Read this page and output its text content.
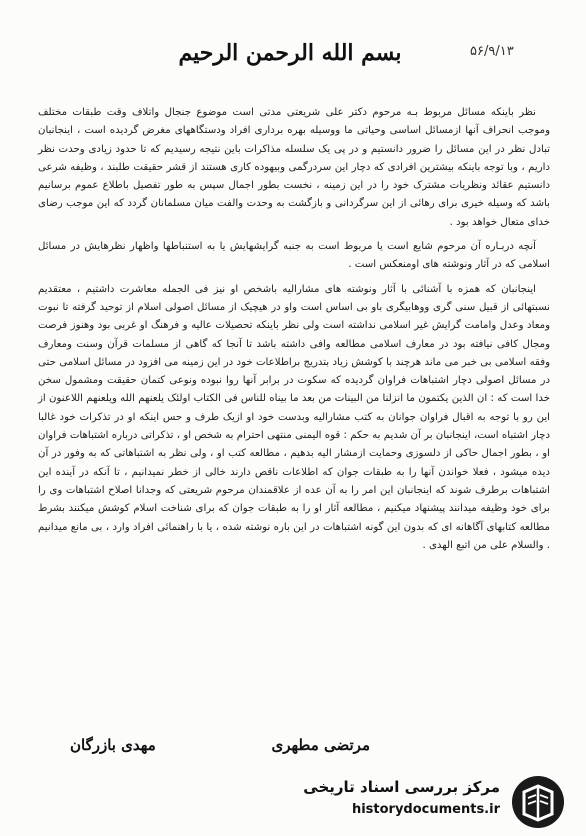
۵۶/۹/۱۳
بسم الله الرحمن الرحیم

نظر باینکه مسائل مربوط بـه مرحوم دکتر علی شریعتی مدتی است موضوع جنجال واتلاف وقت طبقات مختلف وموجب انحراف آنها ازمسائل اساسی وحیاتی ما ووسیله بهره برداری افراد ودستگاههای مغرض گردیده است ، اینجانبان تبادل نظر در این مسائل را ضرور دانستیم و در پی یک سلسله مذاکرات باین نتیجه رسیدیم که تا حدود زیادی وحدت نظر داریم ، وبا توجه باینکه بیشترین افرادی که دچار این سردرگمی وبیهوده کاری هستند از قشر حقیقت طلبند ، وظیفه شرعی دانستیم عقائد ونظریات مشترک خود را در این زمینه ، نخست بطور اجمال سپس به طور تفصیل باطلاع عموم برسانیم باشد که وسیله خیری برای رهائی از این سرگردانی و بازگشت به وحدت والفت میان مسلمانان گردد که این موجب رضای خدای متعال خواهد بود .

آنچه دربـاره آن مرحوم شایع است یا مربوط است به جنبه گرایشهایش یا به استنباطها واظهار نظرهایش در مسائل اسلامی که در آثار ونوشته های اومنعکس است .

اینجانبان که همزه با آشنائی با آثار ونوشته های مشارالیه باشخص او نیز فی الجمله معاشرت داشتیم ، معتقدیم نسبتهائی از قبیل سنی گری ووهابیگری باو بی اساس است واو در هیچیک از مسائل اصولی اسلام از توحید گرفته تا نبوت ومعاد وعدل وامامت گرایش غیر اسلامی نداشته است ولی نظر باینکه تحصیلات عالیه و فرهنگ او غربی بود وهنوز فرصت ومجال کافی نیافته بود در معارف اسلامی مطالعه وافی داشته باشد تا آنجا که گاهی از مسلمات قرآن وسنت ومعارف وفقه اسلامی بی خبر می ماند هرچند با کوشش زیاد بتدریج براطلاعات خود در این زمینه می افزود در مسائل اسلامی حتی در مسائل اصولی دچار اشتباهات فراوان گردیده که سکوت در برابر آنها روا نبوده ونوعی کتمان حقیقت ومشمول سخن خدا است که : ان الذین یکتمون ما انزلنا من البینات من بعد ما بیناه للناس فی الکتاب اولئک یلعنهم الله ویلعنهم اللاعنون از این رو با توجه به اقبال فراوان جوانان به کتب مشارالیه وبدست خود او ازیک طرف و حس اینکه او در تذکرات خود غالبا دچار اشتباه است، اینجانبان بر آن شدیم به حکم : قوه الیمنی منتهی احترام به شخص او ، تذکراتی درباره اشتباهات فراوان او ، بطور اجمال حاکی از دلسوزی وحمایت ازمشار الیه بدهیم ، مطالعه کتب او ، ولی نظر به اشتباهاتی که به وفور در آن دیده میشود ، فعلا خواندن آنها را به طبقات جوان که اطلاعات ناقص دارند خالی از خطر نمیدانیم ، تا آنکه در آینده این اشتباهات برطرف شوند که اینجانبان این امر را به آن عده از علاقمندان مرحوم شریعتی که وجدانا اصلاح اشتباهات وی را برای خود وظیفه میدانند پیشنهاد میکنیم ، مطالعه آثار او را به طبقات جوان که برای شناخت اسلام کوشش میکنند بشرط مطالعه کتابهای آگاهانه ای که بدون این گونه اشتباهات در این باره نوشته شده ، یا با راهنمائی افراد وارد ، بی مانع میدانیم . والسلام علی من اتبع الهدی .

مرتضی مطهری
مهدی بازرگان
مرکز بررسی اسناد تاریخی
historydocuments.ir
